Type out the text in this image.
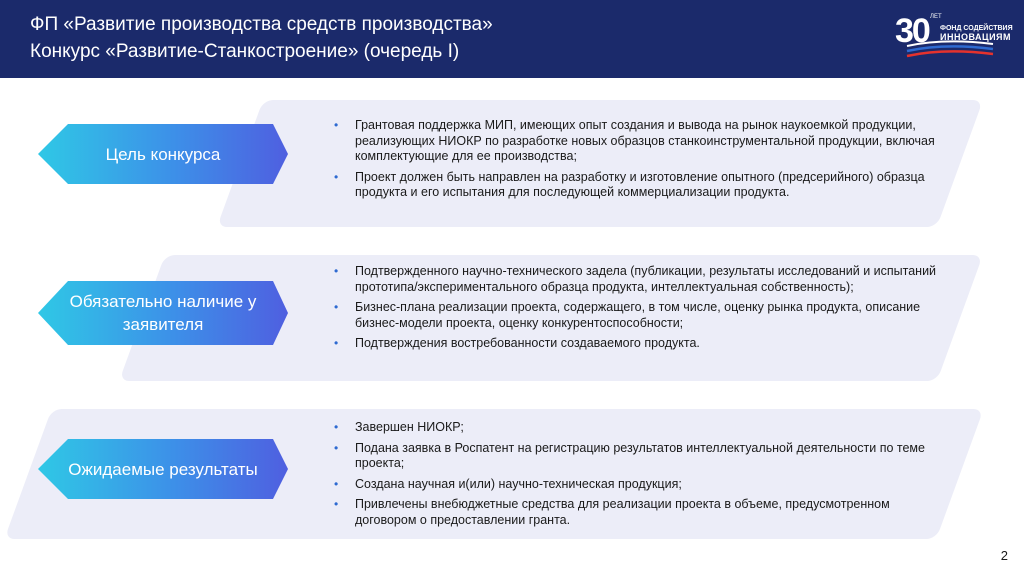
ФП «Развитие производства средств производства»
Конкурс «Развитие-Станкостроение» (очередь I)
30 ЛЕТ
ФОНД СОДЕЙСТВИЯ
ИННОВАЦИЯМ
Цель конкурса
• Грантовая поддержка МИП, имеющих опыт создания и вывода на рынок наукоемкой продукции, реализующих НИОКР по разработке новых образцов станкоинструментальной продукции, включая комплектующие для ее производства;
• Проект должен быть направлен на разработку и изготовление опытного (предсерийного) образца продукта и его испытания для последующей коммерциализации продукта.
Обязательно наличие у заявителя
• Подтвержденного научно-технического задела (публикации, результаты исследований и испытаний прототипа/экспериментального образца продукта, интеллектуальная собственность);
• Бизнес-плана реализации проекта, содержащего, в том числе, оценку рынка продукта, описание бизнес-модели проекта, оценку конкурентоспособности;
• Подтверждения востребованности создаваемого продукта.
Ожидаемые результаты
• Завершен НИОКР;
• Подана заявка в Роспатент на регистрацию результатов интеллектуальной деятельности по теме проекта;
• Создана научная и(или) научно-техническая продукция;
• Привлечены внебюджетные средства для реализации проекта в объеме, предусмотренном договором о предоставлении гранта.
2
